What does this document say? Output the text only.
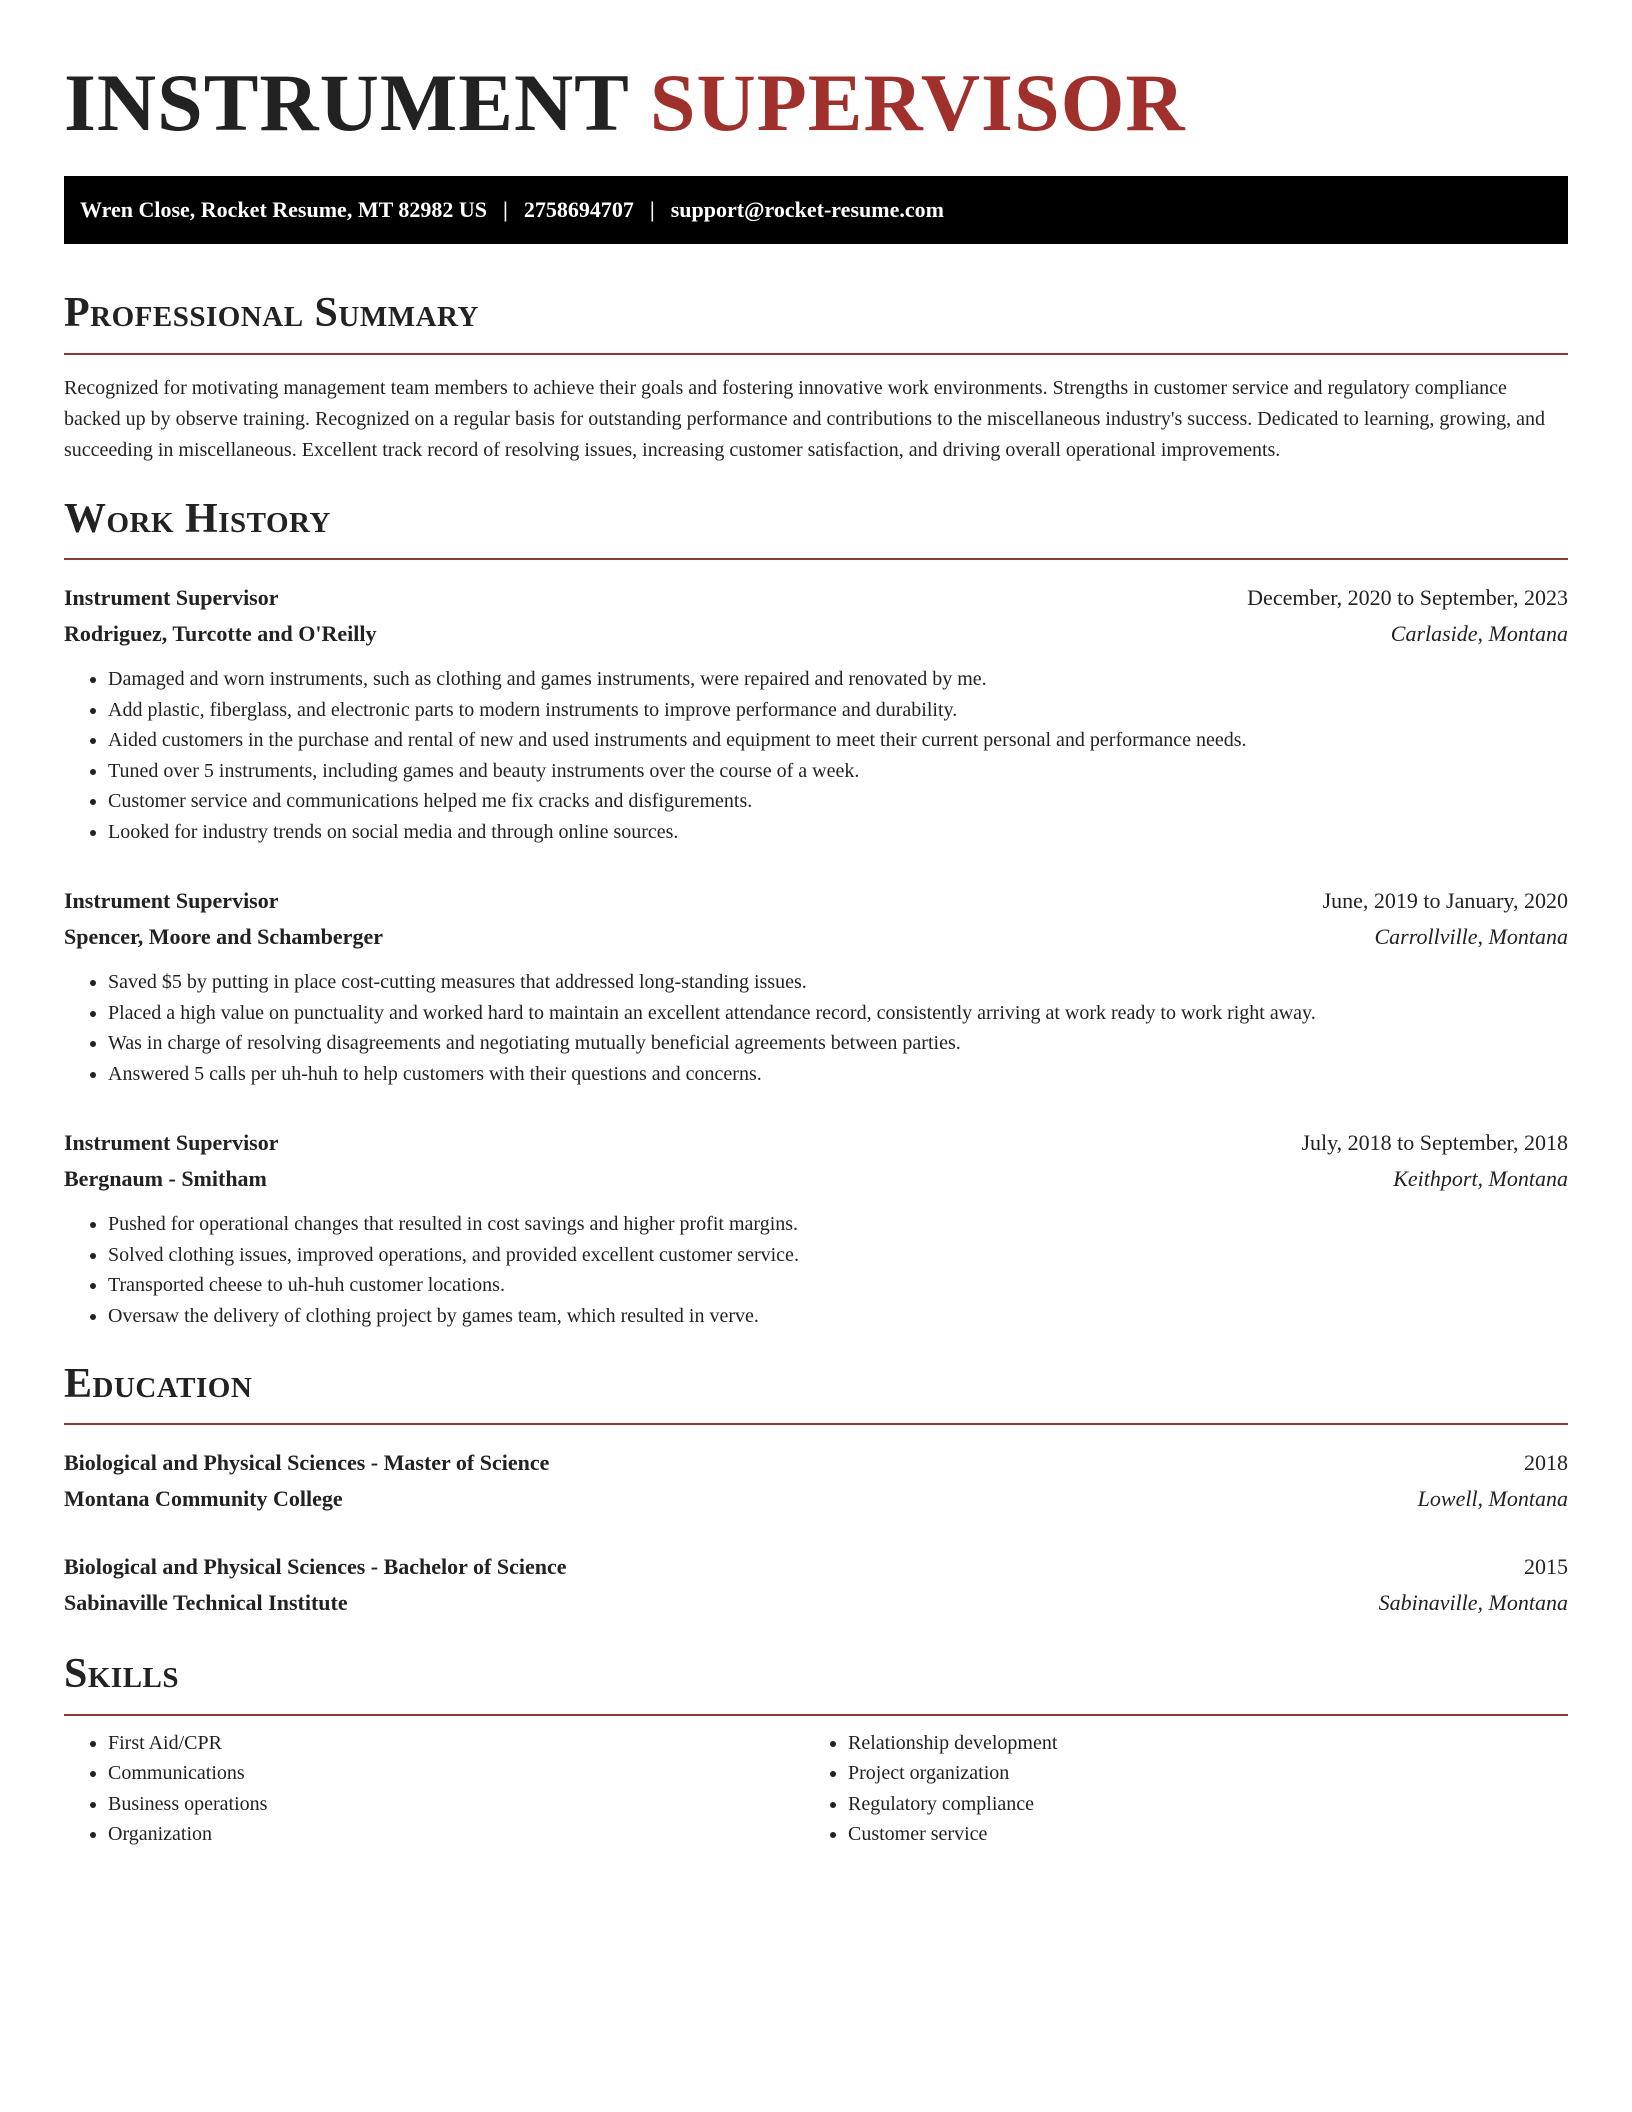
INSTRUMENT SUPERVISOR
Wren Close, Rocket Resume, MT 82982 US | 2758694707 | support@rocket-resume.com
Professional Summary

Recognized for motivating management team members to achieve their goals and fostering innovative work environments. Strengths in customer service and regulatory compliance backed up by observe training. Recognized on a regular basis for outstanding performance and contributions to the miscellaneous industry's success. Dedicated to learning, growing, and succeeding in miscellaneous. Excellent track record of resolving issues, increasing customer satisfaction, and driving overall operational improvements.

Work History
Instrument Supervisor	December, 2020 to September, 2023
Rodriguez, Turcotte and O'Reilly	Carlaside, Montana
• Damaged and worn instruments, such as clothing and games instruments, were repaired and renovated by me.
• Add plastic, fiberglass, and electronic parts to modern instruments to improve performance and durability.
• Aided customers in the purchase and rental of new and used instruments and equipment to meet their current personal and performance needs.
• Tuned over 5 instruments, including games and beauty instruments over the course of a week.
• Customer service and communications helped me fix cracks and disfigurements.
• Looked for industry trends on social media and through online sources.
Instrument Supervisor	June, 2019 to January, 2020
Spencer, Moore and Schamberger	Carrollville, Montana
• Saved $5 by putting in place cost-cutting measures that addressed long-standing issues.
• Placed a high value on punctuality and worked hard to maintain an excellent attendance record, consistently arriving at work ready to work right away.
• Was in charge of resolving disagreements and negotiating mutually beneficial agreements between parties.
• Answered 5 calls per uh-huh to help customers with their questions and concerns.
Instrument Supervisor	July, 2018 to September, 2018
Bergnaum - Smitham	Keithport, Montana
• Pushed for operational changes that resulted in cost savings and higher profit margins.
• Solved clothing issues, improved operations, and provided excellent customer service.
• Transported cheese to uh-huh customer locations.
• Oversaw the delivery of clothing project by games team, which resulted in verve.
Education
Biological and Physical Sciences - Master of Science	2018
Montana Community College	Lowell, Montana
Biological and Physical Sciences - Bachelor of Science	2015
Sabinaville Technical Institute	Sabinaville, Montana
Skills
• First Aid/CPR
• Communications
• Business operations
• Organization
• Relationship development
• Project organization
• Regulatory compliance
• Customer service
